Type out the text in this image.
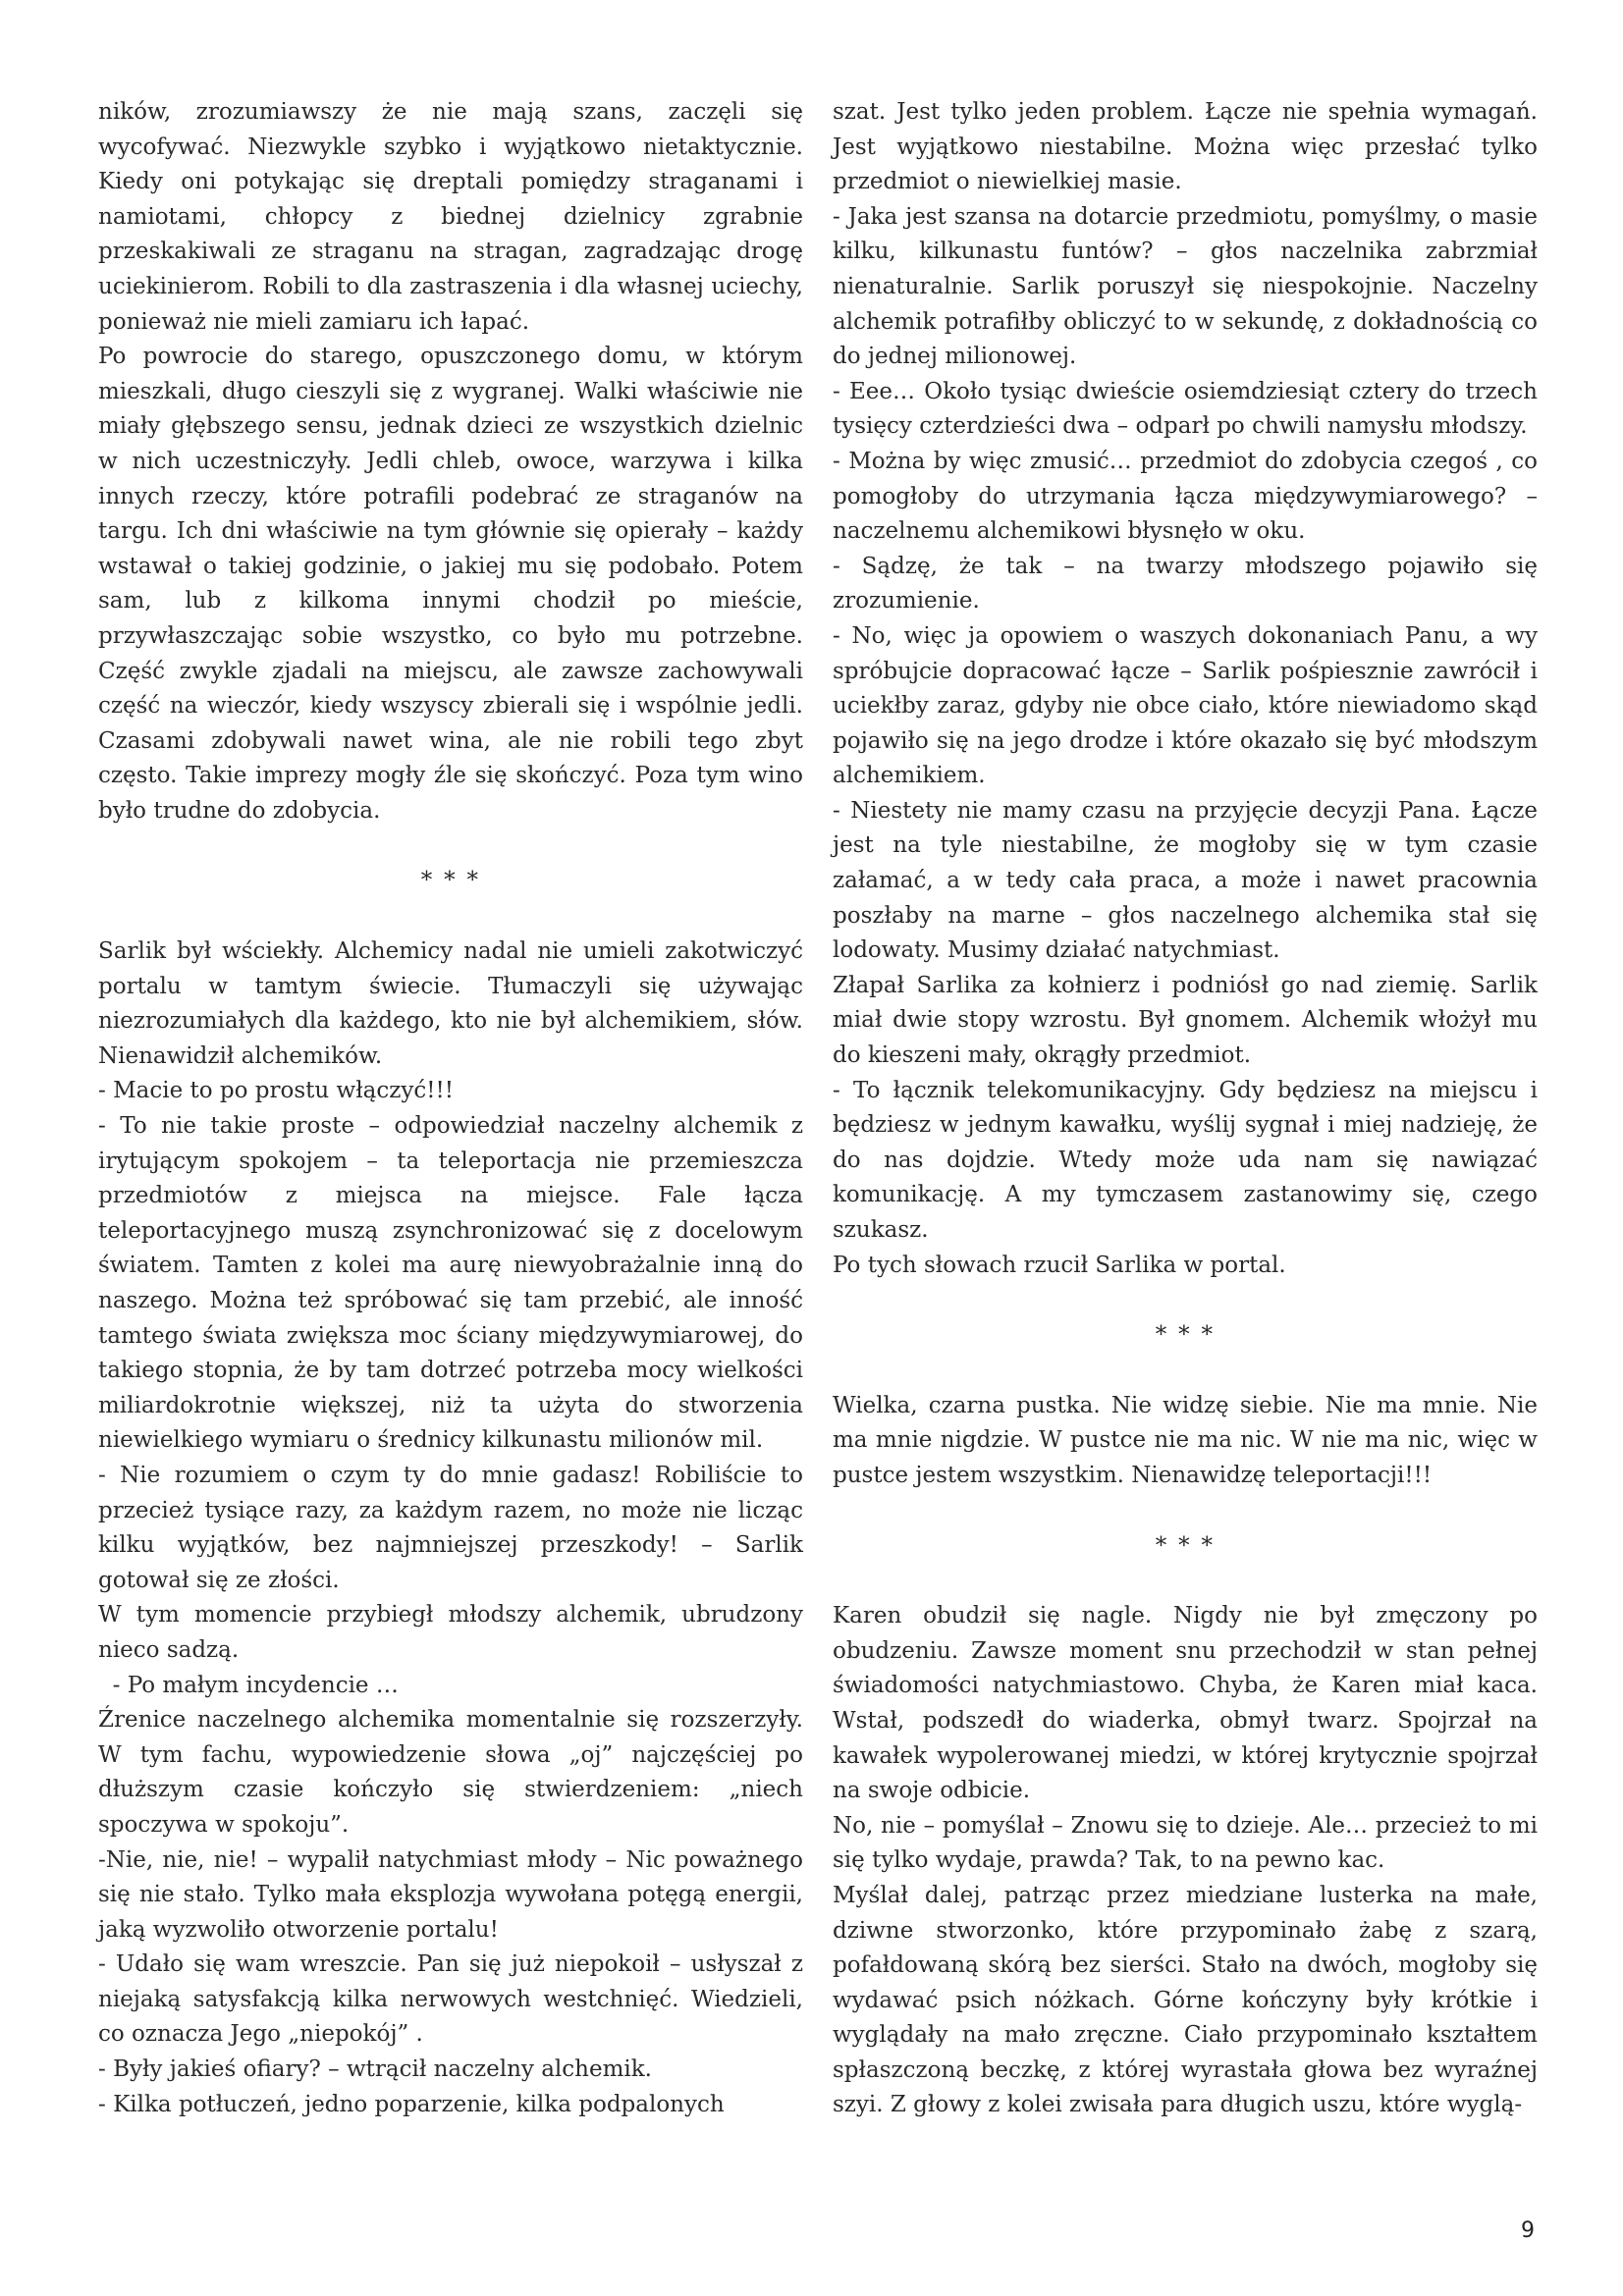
ników, zrozumiawszy że nie mają szans, zaczęli się wycofywać. Niezwykle szybko i wyjątkowo nietaktycznie. Kiedy oni potykając się dreptali pomiędzy straganami i namiotami, chłopcy z biednej dzielnicy zgrabnie przeskakiwali ze straganu na stragan, zagradzając drogę uciekinierom. Robili to dla zastraszenia i dla własnej uciechy, ponieważ nie mieli zamiaru ich łapać.

Po powrocie do starego, opuszczonego domu, w którym mieszkali, długo cieszyli się z wygranej. Walki właściwie nie miały głębszego sensu, jednak dzieci ze wszystkich dzielnic w nich uczestniczyły. Jedli chleb, owoce, warzywa i kilka innych rzeczy, które potrafili podebrać ze straganów na targu. Ich dni właściwie na tym głównie się opierały – każdy wstawał o takiej godzinie, o jakiej mu się podobało. Potem sam, lub z kilkoma innymi chodził po mieście, przywłaszczając sobie wszystko, co było mu potrzebne. Część zwykle zjadali na miejscu, ale zawsze zachowywali część na wieczór, kiedy wszyscy zbierali się i wspólnie jedli. Czasami zdobywali nawet wina, ale nie robili tego zbyt często. Takie imprezy mogły źle się skończyć. Poza tym wino było trudne do zdobycia.

* * *

Sarlik był wściekły. Alchemicy nadal nie umieli zakotwiczyć portalu w tamtym świecie. Tłumaczyli się używając niezrozumiałych dla każdego, kto nie był alchemikiem, słów. Nienawidził alchemików.

- Macie to po prostu włączyć!!!

- To nie takie proste – odpowiedział naczelny alchemik z irytującym spokojem – ta teleportacja nie przemieszcza przedmiotów z miejsca na miejsce. Fale łącza teleportacyjnego muszą zsynchronizować się z docelowym światem. Tamten z kolei ma aurę niewyobrażalnie inną do naszego. Można też spróbować się tam przebić, ale inność tamtego świata zwiększa moc ściany międzywymiarowej, do takiego stopnia, że by tam dotrzeć potrzeba mocy wielkości miliardokrotnie większej, niż ta użyta do stworzenia niewielkiego wymiaru o średnicy kilkunastu milionów mil.

- Nie rozumiem o czym ty do mnie gadasz! Robiliście to przecież tysiące razy, za każdym razem, no może nie licząc kilku wyjątków, bez najmniejszej przeszkody! – Sarlik gotował się ze złości.

W tym momencie przybiegł młodszy alchemik, ubrudzony nieco sadzą.

- Po małym incydencie …

Źrenice naczelnego alchemika momentalnie się rozszerzyły. W tym fachu, wypowiedzenie słowa „oj” najczęściej po dłuższym czasie kończyło się stwierdzeniem: „niech spoczywa w spokoju”.

-Nie, nie, nie! – wypalił natychmiast młody – Nic poważnego się nie stało. Tylko mała eksplozja wywołana potęgą energii, jaką wyzwoliło otworzenie portalu!

- Udało się wam wreszcie. Pan się już niepokoił – usłyszał z niejaką satysfakcją kilka nerwowych westchnięć. Wiedzieli, co oznacza Jego „niepokój” .

- Były jakieś ofiary? – wtrącił naczelny alchemik.

- Kilka potłuczeń, jedno poparzenie, kilka podpalonych

szat. Jest tylko jeden problem. Łącze nie spełnia wymagań. Jest wyjątkowo niestabilne. Można więc przesłać tylko przedmiot o niewielkiej masie.

- Jaka jest szansa na dotarcie przedmiotu, pomyślmy, o masie kilku, kilkunastu funtów? – głos naczelnika zabrzmiał nienaturalnie. Sarlik poruszył się niespokojnie. Naczelny alchemik potrafiłby obliczyć to w sekundę, z dokładnością co do jednej milionowej.

- Eee… Około tysiąc dwieście osiemdziesiąt cztery do trzech tysięcy czterdzieści dwa – odparł po chwili namysłu młodszy.

- Można by więc zmusić… przedmiot do zdobycia czegoś , co pomogłoby do utrzymania łącza międzywymiarowego? – naczelnemu alchemikowi błysnęło w oku.

- Sądzę, że tak – na twarzy młodszego pojawiło się zrozumienie.

- No, więc ja opowiem o waszych dokonaniach Panu, a wy spróbujcie dopracować łącze – Sarlik pośpiesznie zawrócił i uciekłby zaraz, gdyby nie obce ciało, które niewiadomo skąd pojawiło się na jego drodze i które okazało się być młodszym alchemikiem.

- Niestety nie mamy czasu na przyjęcie decyzji Pana. Łącze jest na tyle niestabilne, że mogłoby się w tym czasie załamać, a w tedy cała praca, a może i nawet pracownia poszłaby na marne – głos naczelnego alchemika stał się lodowaty. Musimy działać natychmiast.

Złapał Sarlika za kołnierz i podniósł go nad ziemię. Sarlik miał dwie stopy wzrostu. Był gnomem. Alchemik włożył mu do kieszeni mały, okrągły przedmiot.

- To łącznik telekomunikacyjny. Gdy będziesz na miejscu i będziesz w jednym kawałku, wyślij sygnał i miej nadzieję, że do nas dojdzie. Wtedy może uda nam się nawiązać komunikację. A my tymczasem zastanowimy się, czego szukasz.

Po tych słowach rzucił Sarlika w portal.

* * *

Wielka, czarna pustka. Nie widzę siebie. Nie ma mnie. Nie ma mnie nigdzie. W pustce nie ma nic. W nie ma nic, więc w pustce jestem wszystkim. Nienawidzę teleportacji!!!

* * *

Karen obudził się nagle. Nigdy nie był zmęczony po obudzeniu. Zawsze moment snu przechodził w stan pełnej świadomości natychmiastowo. Chyba, że Karen miał kaca. Wstał, podszedł do wiaderka, obmył twarz. Spojrzał na kawałek wypolerowanej miedzi, w której krytycznie spojrzał na swoje odbicie.

No, nie – pomyślał – Znowu się to dzieje. Ale… przecież to mi się tylko wydaje, prawda? Tak, to na pewno kac.

Myślał dalej, patrząc przez miedziane lusterka na małe, dziwne stworzonko, które przypominało żabę z szarą, pofałdowaną skórą bez sierści. Stało na dwóch, mogłoby się wydawać psich nóżkach. Górne kończyny były krótkie i wyglądały na mało zręczne. Ciało przypominało kształtem spłaszczoną beczkę, z której wyrastała głowa bez wyraźnej szyi. Z głowy z kolei zwisała para długich uszu, które wyglą-

9
